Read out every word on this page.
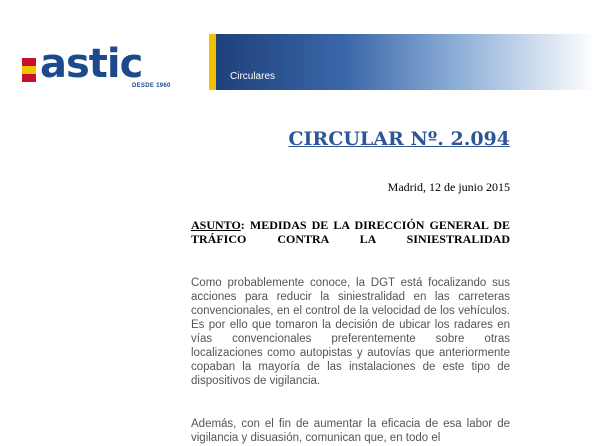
astic
DESDE 1960
Circulares
CIRCULAR Nº. 2.094
Madrid, 12 de junio 2015
ASUNTO: MEDIDAS DE LA DIRECCIÓN GENERAL DE TRÁFICO CONTRA LA SINIESTRALIDAD
Como probablemente conoce, la DGT está focalizando sus acciones para reducir la siniestralidad en las carreteras convencionales, en el control de la velocidad de los vehículos. Es por ello que tomaron la decisión de ubicar los radares en vías convencionales preferentemente sobre otras localizaciones como autopistas y autovías que anteriormente copaban la mayoría de las instalaciones de este tipo de dispositivos de vigilancia.
Además, con el fin de aumentar la eficacia de esa labor de vigilancia y disuasión, comunican que, en todo el
